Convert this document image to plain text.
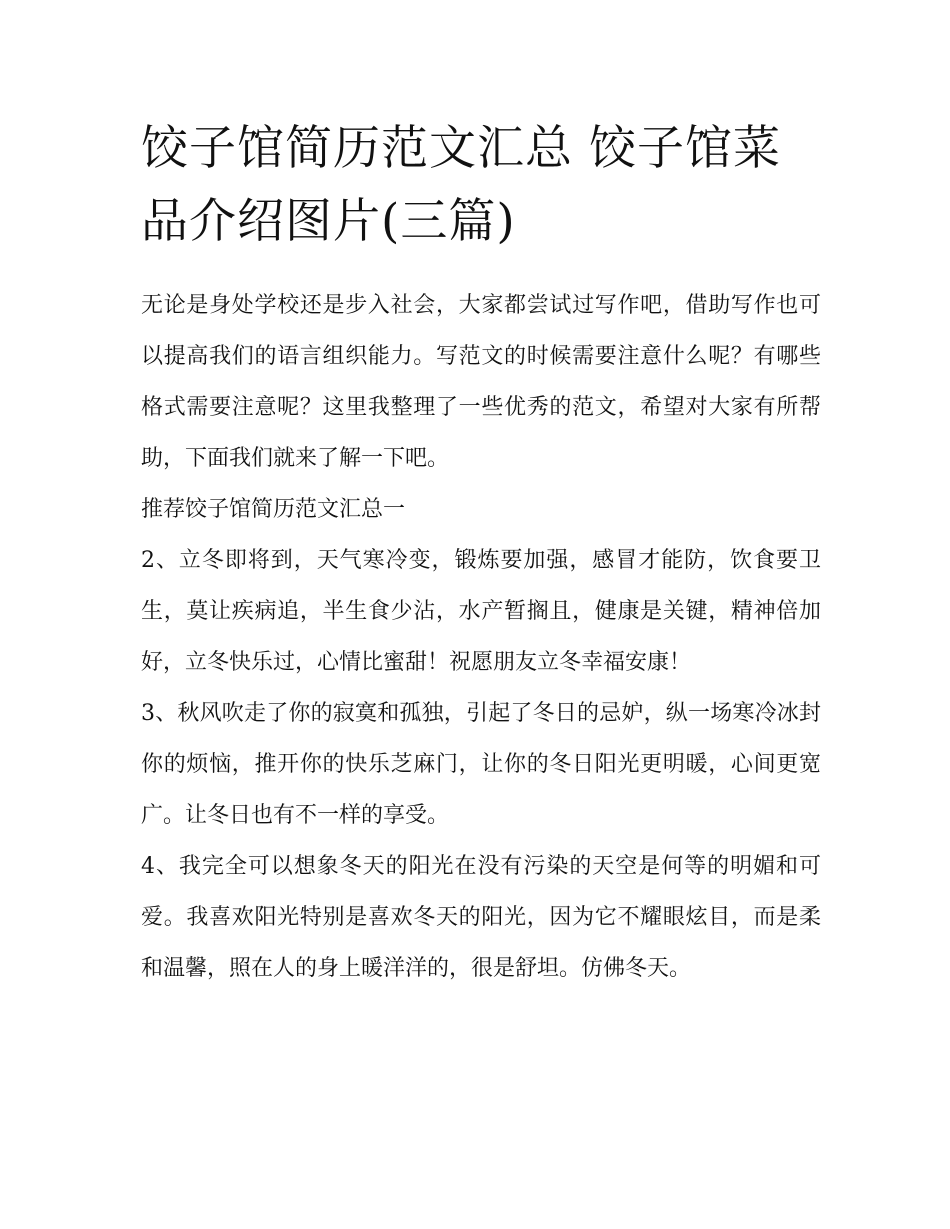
饺子馆简历范文汇总 饺子馆菜品介绍图片(三篇)

无论是身处学校还是步入社会，大家都尝试过写作吧，借助写作也可以提高我们的语言组织能力。写范文的时候需要注意什么呢？有哪些格式需要注意呢？这里我整理了一些优秀的范文，希望对大家有所帮助，下面我们就来了解一下吧。

推荐饺子馆简历范文汇总一

2、立冬即将到，天气寒冷变，锻炼要加强，感冒才能防，饮食要卫生，莫让疾病追，半生食少沾，水产暂搁且，健康是关键，精神倍加好，立冬快乐过，心情比蜜甜！祝愿朋友立冬幸福安康！

3、秋风吹走了你的寂寞和孤独，引起了冬日的忌妒，纵一场寒冷冰封你的烦恼，推开你的快乐芝麻门，让你的冬日阳光更明暖，心间更宽广。让冬日也有不一样的享受。

4、我完全可以想象冬天的阳光在没有污染的天空是何等的明媚和可爱。我喜欢阳光特别是喜欢冬天的阳光，因为它不耀眼炫目，而是柔和温馨，照在人的身上暖洋洋的，很是舒坦。仿佛冬天。
